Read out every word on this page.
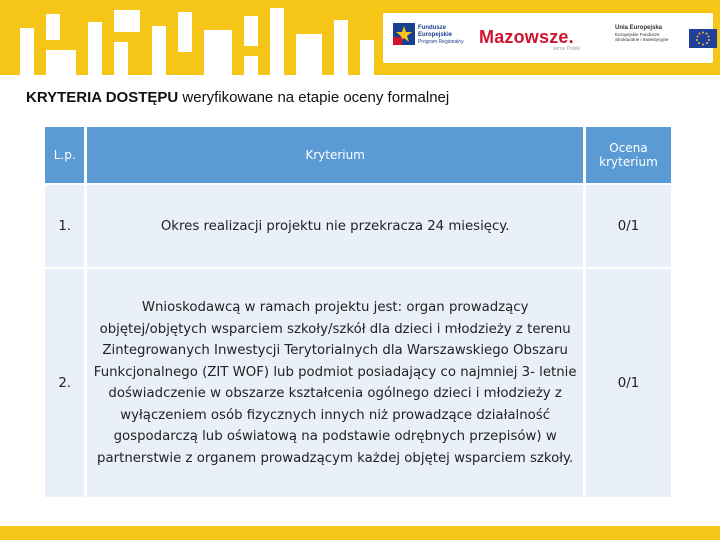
Fundusze
Europejskie
Program Regionalny Mazowsze.
serce Polski
Unia Europejska
Europejskie Fundusze
Strukturalne i Inwestycyjne
KRYTERIA DOSTĘPU weryfikowane na etapie oceny formalnej
L.p.	Kryterium	Ocena kryterium
1.	Okres realizacji projektu nie przekracza 24 miesięcy.	0/1
2.	Wnioskodawcą w ramach projektu jest: organ prowadzący objętej/objętych wsparciem szkoły/szkół dla dzieci i młodzieży z terenu Zintegrowanych Inwestycji Terytorialnych dla Warszawskiego Obszaru Funkcjonalnego (ZIT WOF) lub podmiot posiadający co najmniej 3- letnie doświadczenie w obszarze kształcenia ogólnego dzieci i młodzieży z wyłączeniem osób fizycznych innych niż prowadzące działalność gospodarczą lub oświatową na podstawie odrębnych przepisów) w partnerstwie z organem prowadzącym każdej objętej wsparciem szkoły.	0/1
